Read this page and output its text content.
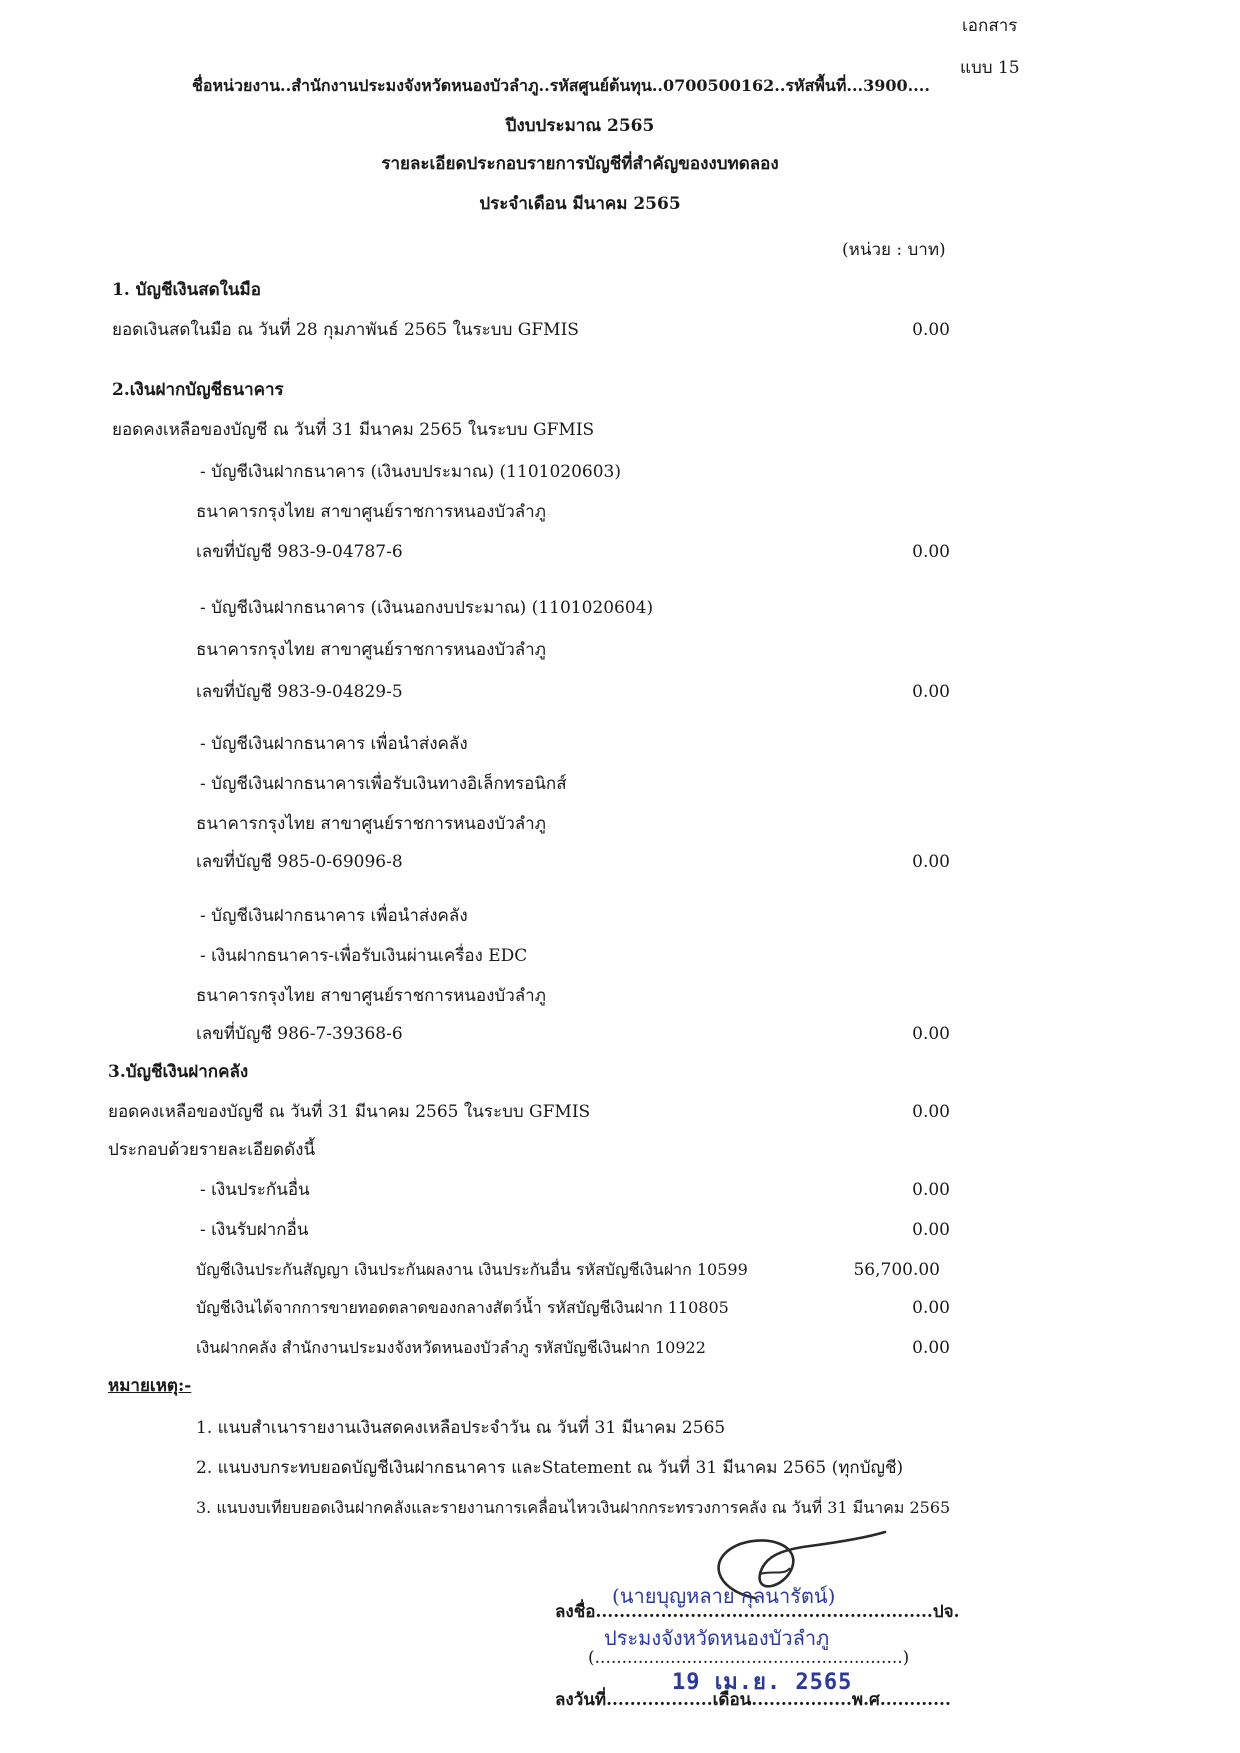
เอกสาร
แบบ 15
ชื่อหน่วยงาน..สำนักงานประมงจังหวัดหนองบัวลำภู..รหัสศูนย์ต้นทุน..0700500162..รหัสพื้นที่...3900....
ปีงบประมาณ 2565
รายละเอียดประกอบรายการบัญชีที่สำคัญของงบทดลอง
ประจำเดือน มีนาคม 2565
(หน่วย : บาท)
1. บัญชีเงินสดในมือ
ยอดเงินสดในมือ ณ วันที่ 28 กุมภาพันธ์ 2565 ในระบบ GFMIS	0.00
2.เงินฝากบัญชีธนาคาร
ยอดคงเหลือของบัญชี ณ วันที่ 31 มีนาคม 2565 ในระบบ GFMIS
- บัญชีเงินฝากธนาคาร (เงินงบประมาณ) (1101020603)
ธนาคารกรุงไทย สาขาศูนย์ราชการหนองบัวลำภู
เลขที่บัญชี 983-9-04787-6	0.00
- บัญชีเงินฝากธนาคาร (เงินนอกงบประมาณ) (1101020604)
ธนาคารกรุงไทย สาขาศูนย์ราชการหนองบัวลำภู
เลขที่บัญชี 983-9-04829-5	0.00
- บัญชีเงินฝากธนาคาร เพื่อนำส่งคลัง
- บัญชีเงินฝากธนาคารเพื่อรับเงินทางอิเล็กทรอนิกส์
ธนาคารกรุงไทย สาขาศูนย์ราชการหนองบัวลำภู
เลขที่บัญชี 985-0-69096-8	0.00
- บัญชีเงินฝากธนาคาร เพื่อนำส่งคลัง
- เงินฝากธนาคาร-เพื่อรับเงินผ่านเครื่อง EDC
ธนาคารกรุงไทย สาขาศูนย์ราชการหนองบัวลำภู
เลขที่บัญชี 986-7-39368-6	0.00
3.บัญชีเงินฝากคลัง
ยอดคงเหลือของบัญชี ณ วันที่ 31 มีนาคม 2565 ในระบบ GFMIS	0.00
ประกอบด้วยรายละเอียดดังนี้
- เงินประกันอื่น	0.00
- เงินรับฝากอื่น	0.00
บัญชีเงินประกันสัญญา เงินประกันผลงาน เงินประกันอื่น รหัสบัญชีเงินฝาก 10599	56,700.00
บัญชีเงินได้จากการขายทอดตลาดของกลางสัตว์น้ำ รหัสบัญชีเงินฝาก 110805	0.00
เงินฝากคลัง สำนักงานประมงจังหวัดหนองบัวลำภู รหัสบัญชีเงินฝาก 10922	0.00
หมายเหตุ:-
1. แนบสำเนารายงานเงินสดคงเหลือประจำวัน ณ วันที่ 31 มีนาคม 2565
2. แนบงบกระทบยอดบัญชีเงินฝากธนาคาร และStatement ณ วันที่ 31 มีนาคม 2565 (ทุกบัญชี)
3. แนบงบเทียบยอดเงินฝากคลังและรายงานการเคลื่อนไหวเงินฝากกระทรวงการคลัง ณ วันที่ 31 มีนาคม 2565
ลงชื่อ.........................................................ปจ.
(นายบุญหลาย กุลนารัตน์)
ประมงจังหวัดหนองบัวลำภู
(.........................................................)
19 เม.ย. 2565
ลงวันที่..................เดือน.................พ.ศ............
